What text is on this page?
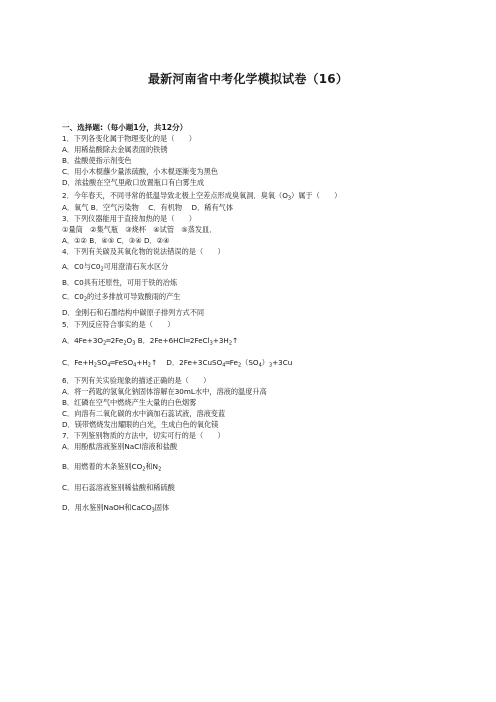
最新河南省中考化学模拟试卷（16）
一、选择题:（每小题1分，共12分）
1．下列各变化属于物理变化的是（　　）
A．用稀盐酸除去金属表面的铁锈
B．盐酸使指示剂变色
C．用小木棍蘸少量浓硫酸，小木棍逐渐变为黑色
D．浓盐酸在空气里敞口放置瓶口有白雾生成
2．今年春天，不同寻常的低温导致北极上空差点形成臭氧洞．臭氧$(O_3)$属于（　　）
A．氧气 B．空气污染物　 C．有机物　 D．稀有气体
3．下列仪器能用于直接加热的是（　　）
①量筒　②集气瓶　③烧杯　④试管　⑤蒸发皿．
A．①② B．④⑤ C．③④ D．②④
4．下列有关碳及其氧化物的说法错误的是（　　）
A．C0与$C0_2$可用澄清石灰水区分
B．C0具有还原性，可用于铁的冶炼
C．$C0_2$的过多排放可导致酸雨的产生
D．金刚石和石墨结构中碳原子排列方式不同
5．下列反应符合事实的是（　　）
A．$4Fe+3O_2═2Fe_2O_3$ B．$2Fe+6HCl═2FeCl_3+3H_2↑$
C．$Fe+H_2SO_4═FeSO_4+H_2↑$　 D．$2Fe+3CuSO_4═Fe_2(SO_4)_3+3Cu$
6．下列有关实验现象的描述正确的是（　　）
A．将一药匙的氢氧化钠固体溶解在30mL水中，溶液的温度升高
B．红磷在空气中燃烧产生大量的白色烟雾
C．向溶有二氧化碳的水中滴加石蕊试液，溶液变蓝
D．镁带燃烧发出耀眼的白光，生成白色的氧化镁
7．下列鉴别物质的方法中，切实可行的是（　　）
A．用酚酞溶液鉴别NaCl溶液和盐酸
B．用燃着的木条鉴别$CO_2$和$N_2$
C．用石蕊溶液鉴别稀盐酸和稀硫酸
D．用水鉴别NaOH和CaCO$_3$固体
